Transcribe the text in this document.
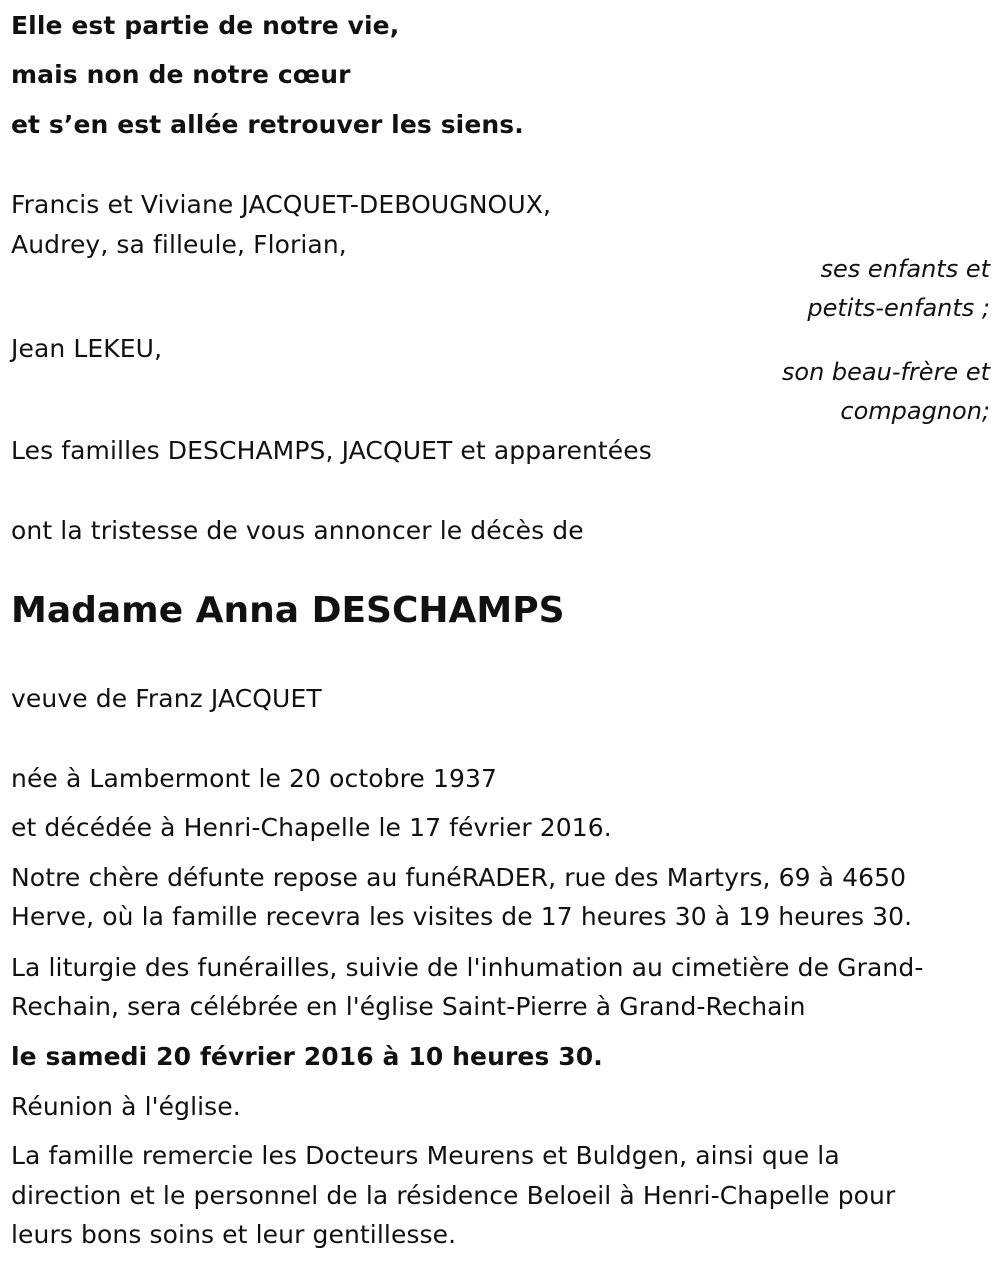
Elle est partie de notre vie,
mais non de notre cœur
et s’en est allée retrouver les siens.
Francis et Viviane JACQUET-DEBOUGNOUX,
Audrey, sa filleule, Florian,
ses enfants et
petits-enfants ;
Jean LEKEU,
son beau-frère et
compagnon;
Les familles DESCHAMPS, JACQUET et apparentées
ont la tristesse de vous annoncer le décès de
Madame Anna DESCHAMPS
veuve de Franz JACQUET
née à Lambermont le 20 octobre 1937
et décédée à Henri-Chapelle le 17 février 2016.
Notre chère défunte repose au funéRADER, rue des Martyrs, 69 à 4650
Herve, où la famille recevra les visites de 17 heures 30 à 19 heures 30.
La liturgie des funérailles, suivie de l'inhumation au cimetière de Grand-
Rechain, sera célébrée en l'église Saint-Pierre à Grand-Rechain
le samedi 20 février 2016 à 10 heures 30.
Réunion à l'église.
La famille remercie les Docteurs Meurens et Buldgen, ainsi que la
direction et le personnel de la résidence Beloeil à Henri-Chapelle pour
leurs bons soins et leur gentillesse.
